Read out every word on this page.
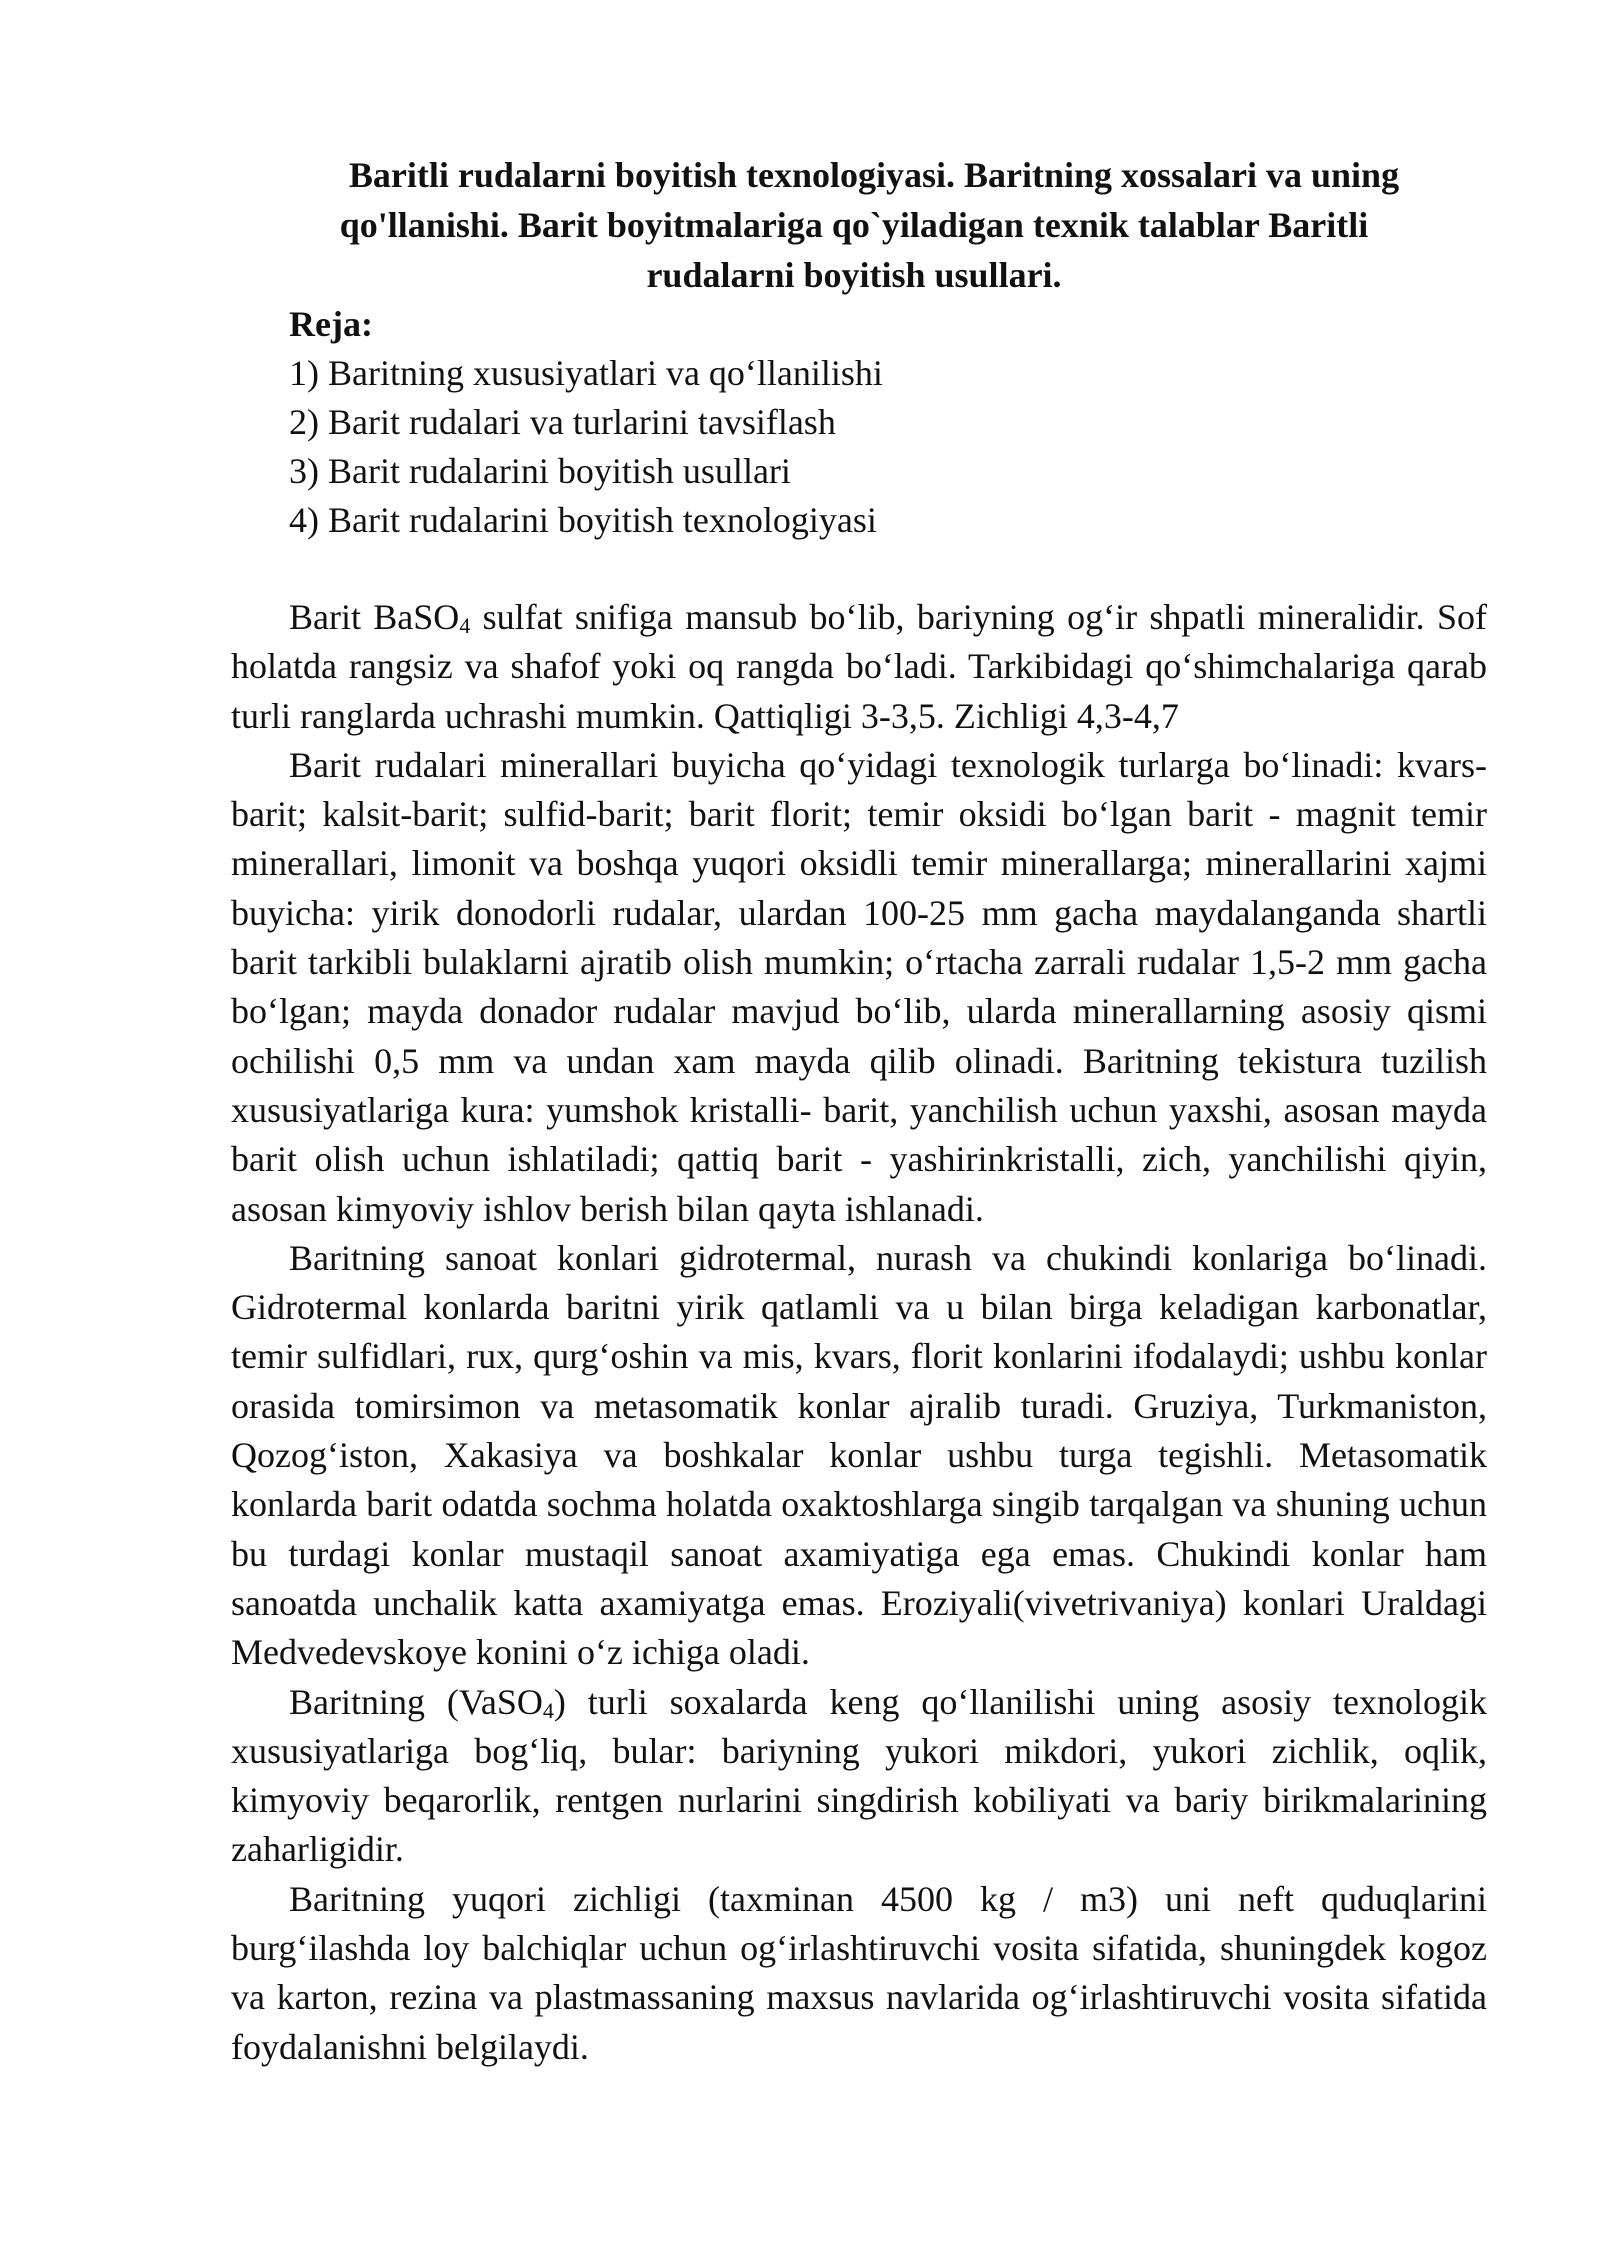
Baritli rudalarni boyitish texnologiyasi. Baritning xossalari va uning qo'llanishi. Barit boyitmalariga qo`yiladigan texnik talablar Baritli rudalarni boyitish usullari.

Reja:

1) Baritning xususiyatlari va qo‘llanilishi

2) Barit rudalari va turlarini tavsiflash

3) Barit rudalarini boyitish usullari

4) Barit rudalarini boyitish texnologiyasi

Barit BaSO$_4$ sulfat snifiga mansub bo‘lib, bariyning og‘ir shpatli mineralidir. Sof holatda rangsiz va shafof yoki oq rangda bo‘ladi. Tarkibidagi qo‘shimchalariga qarab turli ranglarda uchrashi mumkin. Qattiqligi 3-3,5. Zichligi 4,3-4,7

Barit rudalari minerallari buyicha qo‘yidagi texnologik turlarga bo‘linadi: kvars-barit; kalsit-barit; sulfid-barit; barit florit; temir oksidi bo‘lgan barit - magnit temir minerallari, limonit va boshqa yuqori oksidli temir minerallarga; minerallarini xajmi buyicha: yirik donodorli rudalar, ulardan 100-25 mm gacha maydalanganda shartli barit tarkibli bulaklarni ajratib olish mumkin; o‘rtacha zarrali rudalar 1,5-2 mm gacha bo‘lgan; mayda donador rudalar mavjud bo‘lib, ularda minerallarning asosiy qismi ochilishi 0,5 mm va undan xam mayda qilib olinadi. Baritning tekistura tuzilish xususiyatlariga kura: yumshok kristalli- barit, yanchilish uchun yaxshi, asosan mayda barit olish uchun ishlatiladi; qattiq barit - yashirinkristalli, zich, yanchilishi qiyin, asosan kimyoviy ishlov berish bilan qayta ishlanadi.

Baritning sanoat konlari gidrotermal, nurash va chukindi konlariga bo‘linadi. Gidrotermal konlarda baritni yirik qatlamli va u bilan birga keladigan karbonatlar, temir sulfidlari, rux, qurg‘oshin va mis, kvars, florit konlarini ifodalaydi; ushbu konlar orasida tomirsimon va metasomatik konlar ajralib turadi. Gruziya, Turkmaniston, Qozog‘iston, Xakasiya va boshkalar konlar ushbu turga tegishli. Metasomatik konlarda barit odatda sochma holatda oxaktoshlarga singib tarqalgan va shuning uchun bu turdagi konlar mustaqil sanoat axamiyatiga ega emas. Chukindi konlar ham sanoatda unchalik katta axamiyatga emas. Eroziyali(vivetrivaniya) konlari Uraldagi Medvedevskoye konini o‘z ichiga oladi.

Baritning (VaSO$_4$) turli soxalarda keng qo‘llanilishi uning asosiy texnologik xususiyatlariga bog‘liq, bular: bariyning yukori mikdori, yukori zichlik, oqlik, kimyoviy beqarorlik, rentgen nurlarini singdirish kobiliyati va bariy birikmalarining zaharligidir.

Baritning yuqori zichligi (taxminan 4500 kg / m3) uni neft quduqlarini burg‘ilashda loy balchiqlar uchun og‘irlashtiruvchi vosita sifatida, shuningdek kogoz va karton, rezina va plastmassaning maxsus navlarida og‘irlashtiruvchi vosita sifatida foydalanishni belgilaydi.
